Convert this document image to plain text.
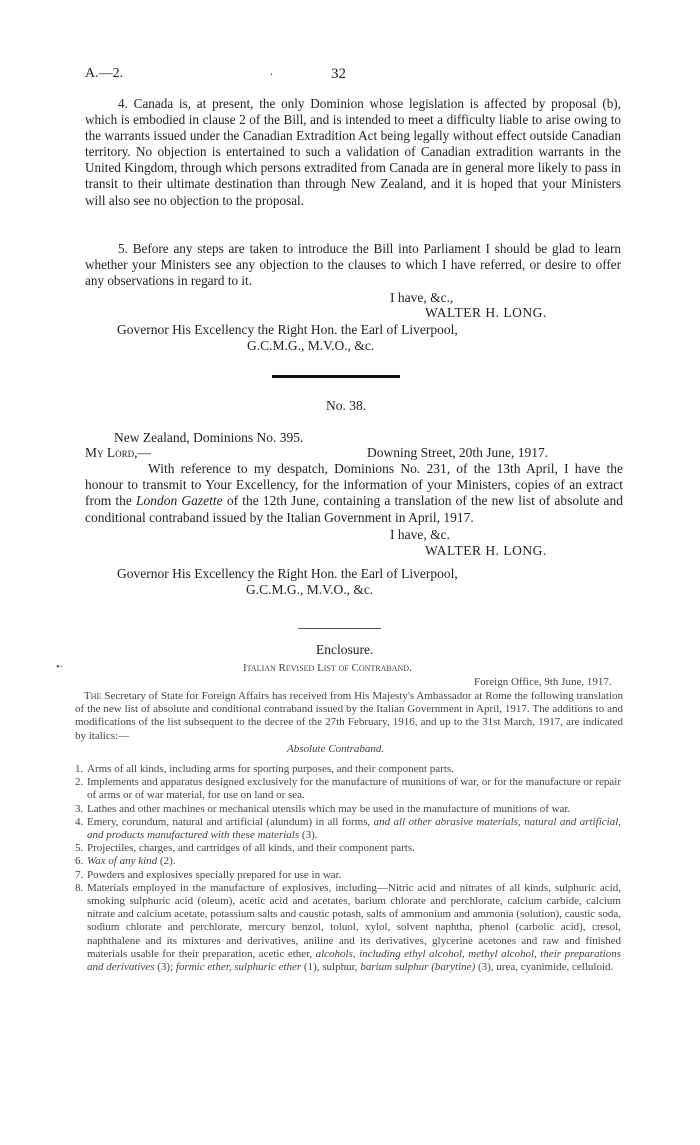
A.—2.	.	32
4. Canada is, at present, the only Dominion whose legislation is affected by proposal (b), which is embodied in clause 2 of the Bill, and is intended to meet a difficulty liable to arise owing to the warrants issued under the Canadian Extradition Act being legally without effect outside Canadian territory. No objection is entertained to such a validation of Canadian extradition warrants in the United Kingdom, through which persons extradited from Canada are in general more likely to pass in transit to their ultimate destination than through New Zealand, and it is hoped that your Ministers will also see no objection to the proposal.
5. Before any steps are taken to introduce the Bill into Parliament I should be glad to learn whether your Ministers see any objection to the clauses to which I have referred, or desire to offer any observations in regard to it.
I have, &c.,
WALTER H. LONG.
Governor His Excellency the Right Hon. the Earl of Liverpool,
G.C.M.G., M.V.O., &c.
No. 38.
New Zealand, Dominions No. 395.
My Lord,—	Downing Street, 20th June, 1917.
With reference to my despatch, Dominions No. 231, of the 13th April, I have the honour to transmit to Your Excellency, for the information of your Ministers, copies of an extract from the London Gazette of the 12th June, containing a translation of the new list of absolute and conditional contraband issued by the Italian Government in April, 1917.
I have, &c.
WALTER H. LONG.
Governor His Excellency the Right Hon. the Earl of Liverpool,
G.C.M.G., M.V.O., &c.
Enclosure.
•∙	Italian Revised List of Contraband.
Foreign Office, 9th June, 1917.
The Secretary of State for Foreign Affairs has received from His Majesty's Ambassador at Rome the following translation of the new list of absolute and conditional contraband issued by the Italian Government in April, 1917. The additions to and modifications of the list subsequent to the decree of the 27th February, 1916, and up to the 31st March, 1917, are indicated by italics:—
Absolute Contraband.
1. Arms of all kinds, including arms for sporting purposes, and their component parts.
2. Implements and apparatus designed exclusively for the manufacture of munitions of war, or for the manufacture or repair of arms or of war material, for use on land or sea.
3. Lathes and other machines or mechanical utensils which may be used in the manufacture of munitions of war.
4. Emery, corundum, natural and artificial (alundum) in all forms, and all other abrasive materials, natural and artificial, and products manufactured with these materials (3).
5. Projectiles, charges, and cartridges of all kinds, and their component parts.
6. Wax of any kind (2).
7. Powders and explosives specially prepared for use in war.
8. Materials employed in the manufacture of explosives, including—Nitric acid and nitrates of all kinds, sulphuric acid, smoking sulphuric acid (oleum), acetic acid and acetates, barium chlorate and perchlorate, calcium carbide, calcium nitrate and calcium acetate, potassium salts and caustic potash, salts of ammonium and ammonia (solution), caustic soda, sodium chlorate and perchlorate, mercury benzol, toluol, xylol, solvent naphtha, phenol (carbolic acid), cresol, naphthalene and its mixtures and derivatives, aniline and its derivatives, glycerine acetones and raw and finished materials usable for their preparation, acetic ether, alcohols, including ethyl alcohol, methyl alcohol, their preparations and derivatives (3); formic ether, sulphuric ether (1), sulphur, barium sulphur (barytine) (3), urea, cyanimide, celluloid.
